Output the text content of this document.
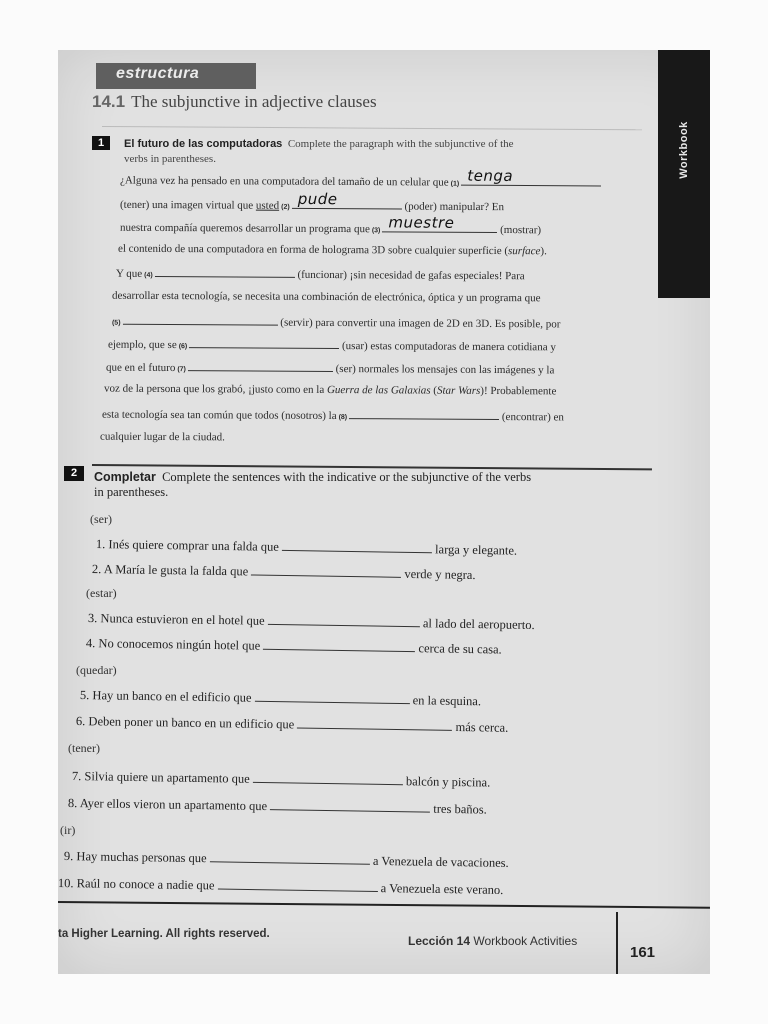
Workbook
estructura
14.1 The subjunctive in adjective clauses
1	El futuro de las computadoras Complete the paragraph with the subjunctive of the
verbs in parentheses.
¿Alguna vez ha pensado en una computadora del tamaño de un celular que (1) tenga
(tener) una imagen virtual que usted (2) pude	(poder) manipular? En
nuestra compañía queremos desarrollar un programa que (3) muestre	(mostrar)
el contenido de una computadora en forma de holograma 3D sobre cualquier superficie (surface).
Y que (4)	(funcionar) ¡sin necesidad de gafas especiales! Para
desarrollar esta tecnología, se necesita una combinación de electrónica, óptica y un programa que
(5)	(servir) para convertir una imagen de 2D en 3D. Es posible, por
ejemplo, que se (6)	(usar) estas computadoras de manera cotidiana y
que en el futuro (7)	(ser) normales los mensajes con las imágenes y la
voz de la persona que los grabó, ¡justo como en la Guerra de las Galaxias (Star Wars)! Probablemente
esta tecnología sea tan común que todos (nosotros) la (8)	(encontrar) en
cualquier lugar de la ciudad.
2	Completar Complete the sentences with the indicative or the subjunctive of the verbs
in parentheses.
(ser)
1. Inés quiere comprar una falda que	larga y elegante.
2. A María le gusta la falda que	verde y negra.
(estar)
3. Nunca estuvieron en el hotel que	al lado del aeropuerto.
4. No conocemos ningún hotel que	cerca de su casa.
(quedar)
5. Hay un banco en el edificio que	en la esquina.
6. Deben poner un banco en un edificio que	más cerca.
(tener)
7. Silvia quiere un apartamento que	balcón y piscina.
8. Ayer ellos vieron un apartamento que	tres baños.
(ir)
9. Hay muchas personas que	a Venezuela de vacaciones.
10. Raúl no conoce a nadie que	a Venezuela este verano.
ta Higher Learning. All rights reserved.	Lección 14 Workbook Activities
161
